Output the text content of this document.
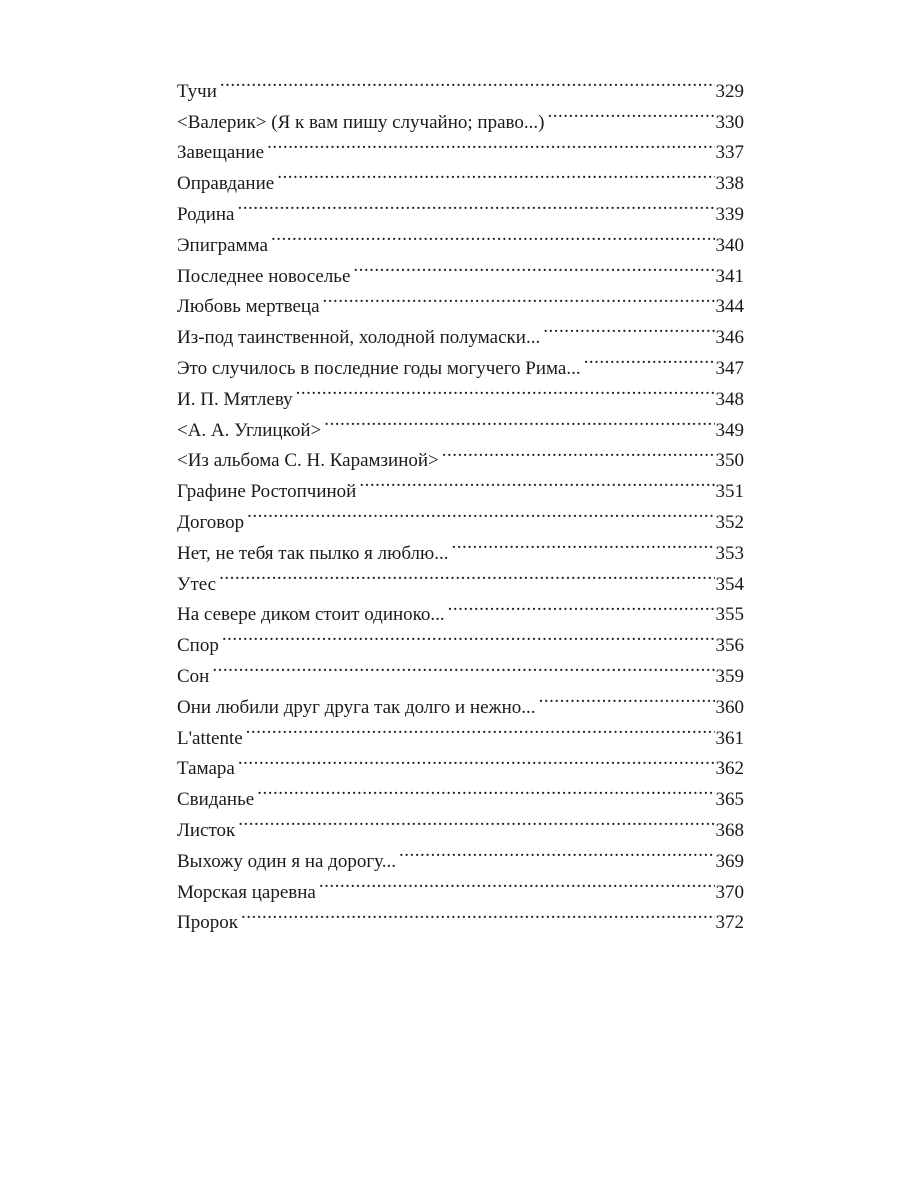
Тучи .....	329
<Валерик> (Я к вам пишу случайно; право...) .....	330
Завещание .....	337
Оправдание .....	338
Родина .....	339
Эпиграмма .....	340
Последнее новоселье .....	341
Любовь мертвеца .....	344
Из-под таинственной, холодной полумаски... .....	346
Это случилось в последние годы могучего Рима... .....	347
И. П. Мятлеву .....	348
<А. А. Углицкой> .....	349
<Из альбома С. Н. Карамзиной> .....	350
Графине Ростопчиной .....	351
Договор .....	352
Нет, не тебя так пылко я люблю... .....	353
Утес .....	354
На севере диком стоит одиноко... .....	355
Спор .....	356
Сон .....	359
Они любили друг друга так долго и нежно... .....	360
L'attente .....	361
Тамара .....	362
Свиданье .....	365
Листок .....	368
Выхожу один я на дорогу... .....	369
Морская царевна .....	370
Пророк .....	372
